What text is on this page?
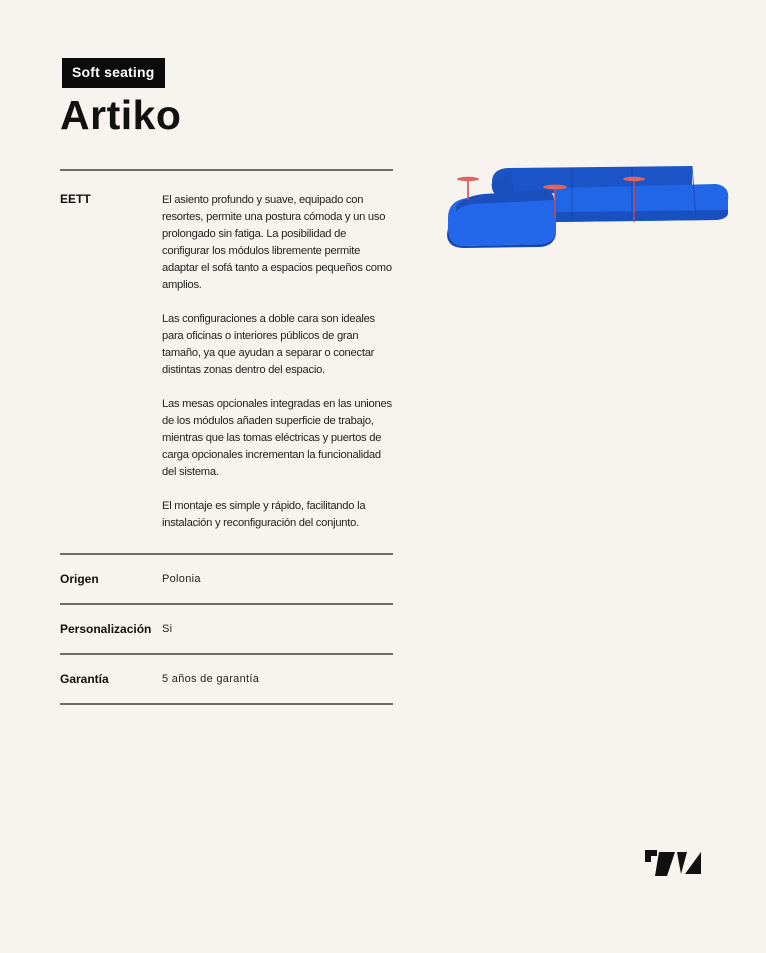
Soft seating
Artiko
EETT	El asiento profundo y suave, equipado con resortes, permite una postura cómoda y un uso prolongado sin fatiga. La posibilidad de configurar los módulos libremente permite adaptar el sofá tanto a espacios pequeños como amplios.

Las configuraciones a doble cara son ideales para oficinas o interiores públicos de gran tamaño, ya que ayudan a separar o conectar distintas zonas dentro del espacio.

Las mesas opcionales integradas en las uniones de los módulos añaden superficie de trabajo, mientras que las tomas eléctricas y puertos de carga opcionales incrementan la funcionalidad del sistema.

El montaje es simple y rápido, facilitando la instalación y reconfiguración del conjunto.

Origen	Polonia
Personalización Si
Garantía	5 años de garantía
